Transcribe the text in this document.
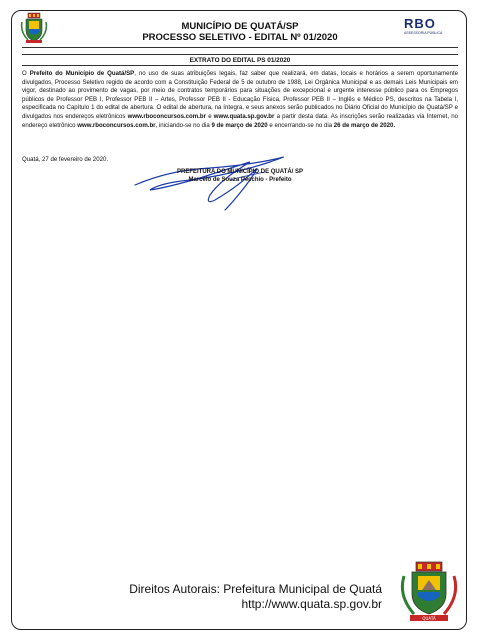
RBO
ASSESSORIA PÚBLICA
MUNICÍPIO DE QUATÁ/SP
PROCESSO SELETIVO - EDITAL Nº 01/2020
EXTRATO DO EDITAL PS 01/2020

O Prefeito do Município de Quatá/SP, no uso de suas atribuições legais, faz saber que realizará, em datas, locais e horários a serem oportunamente divulgados, Processo Seletivo regido de acordo com a Constituição Federal de 5 de outubro de 1988, Lei Orgânica Municipal e as demais Leis Municipais em vigor, destinado ao provimento de vagas, por meio de contratos temporários para situações de excepcional e urgente interesse público para os Empregos públicos de Professor PEB I, Professor PEB II – Artes, Professor PEB II - Educação Física, Professor PEB II – Inglês e Médico PS, descritos na Tabela I, especificada no Capítulo 1 do edital de abertura. O edital de abertura, na íntegra, e seus anexos serão publicados no Diário Oficial do Município de Quatá/SP e divulgados nos endereços eletrônicos www.rboconcursos.com.br e www.quata.sp.gov.br a partir desta data. As inscrições serão realizadas via Internet, no endereço eletrônico www.rboconcursos.com.br, iniciando-se no dia 9 de março de 2020 e encerrando-se no dia 26 de março de 2020.

Quatá, 27 de fevereiro de 2020.
PREFEITURA DO MUNICÍPIO DE QUATÁ/ SP
Marcelo de Souza Pécchio - Prefeito
Direitos Autorais: Prefeitura Municipal de Quatá
http://www.quata.sp.gov.br
QUATÁ
